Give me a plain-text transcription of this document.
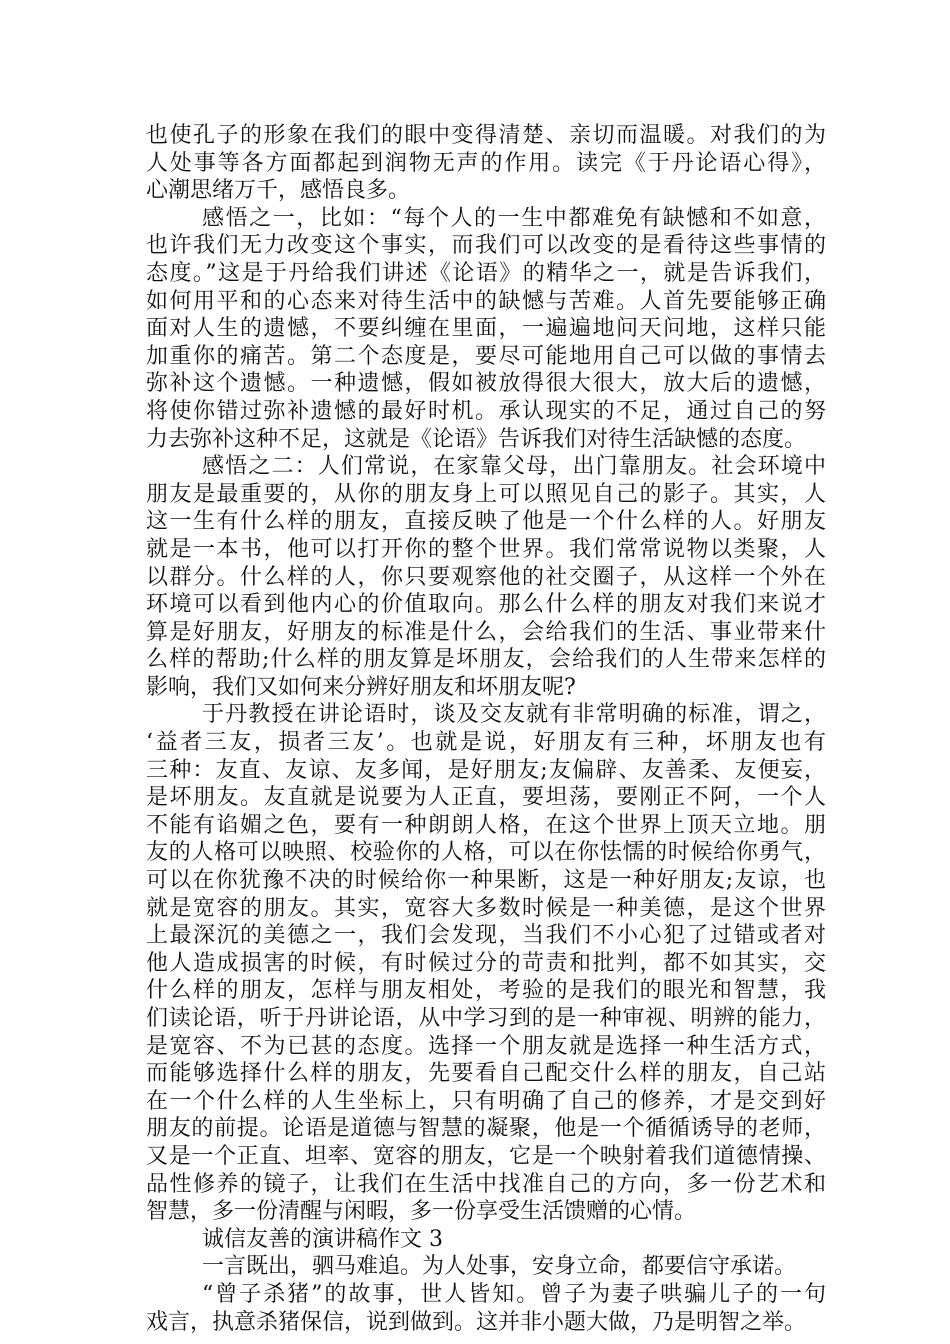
也使孔子的形象在我们的眼中变得清楚、亲切而温暖。对我们的为
人处事等各方面都起到润物无声的作用。读完《于丹论语心得》，
心潮思绪万千，感悟良多。
感悟之一，比如：“每个人的一生中都难免有缺憾和不如意，
也许我们无力改变这个事实，而我们可以改变的是看待这些事情的
态度。”这是于丹给我们讲述《论语》的精华之一，就是告诉我们，
如何用平和的心态来对待生活中的缺憾与苦难。人首先要能够正确
面对人生的遗憾，不要纠缠在里面，一遍遍地问天问地，这样只能
加重你的痛苦。第二个态度是，要尽可能地用自己可以做的事情去
弥补这个遗憾。一种遗憾，假如被放得很大很大，放大后的遗憾，
将使你错过弥补遗憾的最好时机。承认现实的不足，通过自己的努
力去弥补这种不足，这就是《论语》告诉我们对待生活缺憾的态度。
感悟之二：人们常说，在家靠父母，出门靠朋友。社会环境中
朋友是最重要的，从你的朋友身上可以照见自己的影子。其实，人
这一生有什么样的朋友，直接反映了他是一个什么样的人。好朋友
就是一本书，他可以打开你的整个世界。我们常常说物以类聚，人
以群分。什么样的人，你只要观察他的社交圈子，从这样一个外在
环境可以看到他内心的价值取向。那么什么样的朋友对我们来说才
算是好朋友，好朋友的标准是什么，会给我们的生活、事业带来什
么样的帮助;什么样的朋友算是坏朋友，会给我们的人生带来怎样的
影响，我们又如何来分辨好朋友和坏朋友呢?
于丹教授在讲论语时，谈及交友就有非常明确的标准，谓之，
‘益者三友，损者三友’。也就是说，好朋友有三种，坏朋友也有
三种：友直、友谅、友多闻，是好朋友;友偏辟、友善柔、友便妄，
是坏朋友。友直就是说要为人正直，要坦荡，要刚正不阿，一个人
不能有谄媚之色，要有一种朗朗人格，在这个世界上顶天立地。朋
友的人格可以映照、校验你的人格，可以在你怯懦的时候给你勇气，
可以在你犹豫不决的时候给你一种果断，这是一种好朋友;友谅，也
就是宽容的朋友。其实，宽容大多数时候是一种美德，是这个世界
上最深沉的美德之一，我们会发现，当我们不小心犯了过错或者对
他人造成损害的时候，有时候过分的苛责和批判，都不如其实，交
什么样的朋友，怎样与朋友相处，考验的是我们的眼光和智慧，我
们读论语，听于丹讲论语，从中学习到的是一种审视、明辨的能力，
是宽容、不为已甚的态度。选择一个朋友就是选择一种生活方式，
而能够选择什么样的朋友，先要看自己配交什么样的朋友，自己站
在一个什么样的人生坐标上，只有明确了自己的修养，才是交到好
朋友的前提。论语是道德与智慧的凝聚，他是一个循循诱导的老师，
又是一个正直、坦率、宽容的朋友，它是一个映射着我们道德情操、
品性修养的镜子，让我们在生活中找准自己的方向，多一份艺术和
智慧，多一份清醒与闲暇，多一份享受生活馈赠的心情。
诚信友善的演讲稿作文 3
一言既出，驷马难追。为人处事，安身立命，都要信守承诺。
“曾子杀猪”的故事，世人皆知。曾子为妻子哄骗儿子的一句
戏言，执意杀猪保信，说到做到。这并非小题大做，乃是明智之举。
